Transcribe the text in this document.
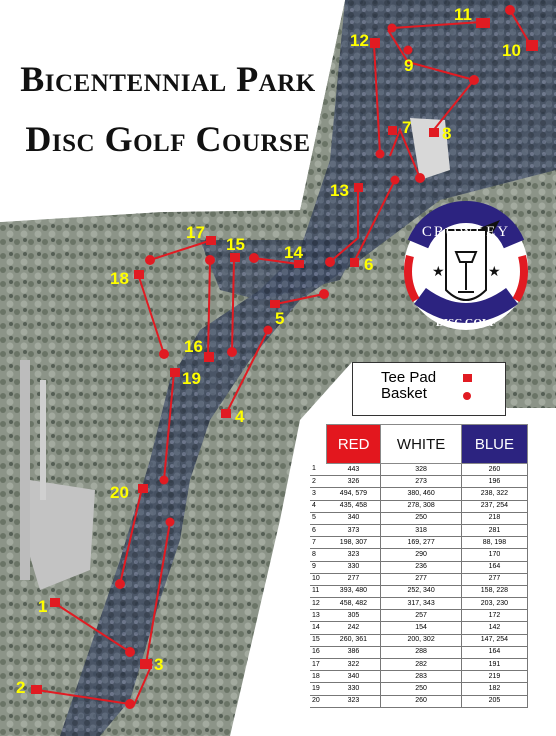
1
2
3
4
5
6
7 8
9
10
11
12
13
14
15
16
17
18
19
20
★	★
CROWLEY
DISC GOLF
Bicentennial Park
Disc Golf Course
Tee Pad
Basket
	RED	WHITE	BLUE
1	443	328	260
2	326	273	196
3	494, 579	380, 460	238, 322
4	435, 458	278, 308	237, 254
5	340	250	218
6	373	318	281
7	198, 307	169, 277	88, 198
8	323	290	170
9	330	236	164
10	277	277	277
11	393, 480	252, 340	158, 228
12	458, 482	317, 343	203, 230
13	305	257	172
14	242	154	142
15	260, 361	200, 302	147, 254
16	386	288	164
17	322	282	191
18	340	283	219
19	330	250	182
20	323	260	205
